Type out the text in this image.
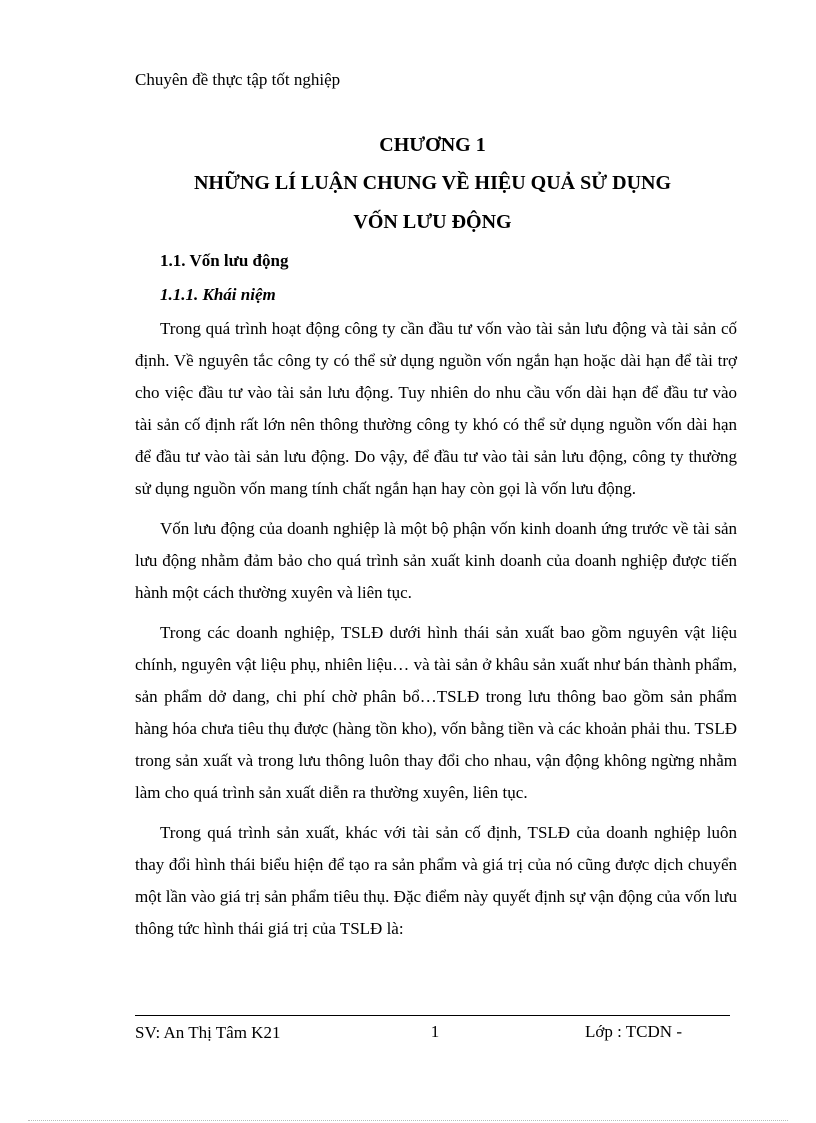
Chuyên đề thực tập tốt nghiệp
CHƯƠNG 1
NHỮNG LÍ LUẬN CHUNG VỀ HIỆU QUẢ SỬ DỤNG
VỐN LƯU ĐỘNG
1.1. Vốn lưu động
1.1.1. Khái niệm

Trong quá trình hoạt động công ty cần đầu tư vốn vào tài sản lưu động và tài sản cố định. Về nguyên tắc công ty có thể sử dụng nguồn vốn ngắn hạn hoặc dài hạn để tài trợ cho việc đầu tư vào tài sản lưu động. Tuy nhiên do nhu cầu vốn dài hạn để đầu tư vào tài sản cố định rất lớn nên thông thường công ty khó có thể sử dụng nguồn vốn dài hạn để đầu tư vào tài sản lưu động. Do vậy, để đầu tư vào tài sản lưu động, công ty thường sử dụng nguồn vốn mang tính chất ngắn hạn hay còn gọi là vốn lưu động.

Vốn lưu động của doanh nghiệp là một bộ phận vốn kinh doanh ứng trước về tài sản lưu động nhằm đảm bảo cho quá trình sản xuất kinh doanh của doanh nghiệp được tiến hành một cách thường xuyên và liên tục.

Trong các doanh nghiệp, TSLĐ dưới hình thái sản xuất bao gồm nguyên vật liệu chính, nguyên vật liệu phụ, nhiên liệu… và tài sản ở khâu sản xuất như bán thành phẩm, sản phẩm dở dang, chi phí chờ phân bổ…TSLĐ trong lưu thông bao gồm sản phẩm hàng hóa chưa tiêu thụ được (hàng tồn kho), vốn bằng tiền và các khoản phải thu. TSLĐ trong sản xuất và trong lưu thông luôn thay đổi cho nhau, vận động không ngừng nhằm làm cho quá trình sản xuất diễn ra thường xuyên, liên tục.

Trong quá trình sản xuất, khác với tài sản cố định, TSLĐ của doanh nghiệp luôn thay đổi hình thái biểu hiện để tạo ra sản phẩm và giá trị của nó cũng được dịch chuyển một lần vào giá trị sản phẩm tiêu thụ. Đặc điểm này quyết định sự vận động của vốn lưu thông tức hình thái giá trị của TSLĐ là:

SV: An Thị Tâm K21	1	Lớp : TCDN -
